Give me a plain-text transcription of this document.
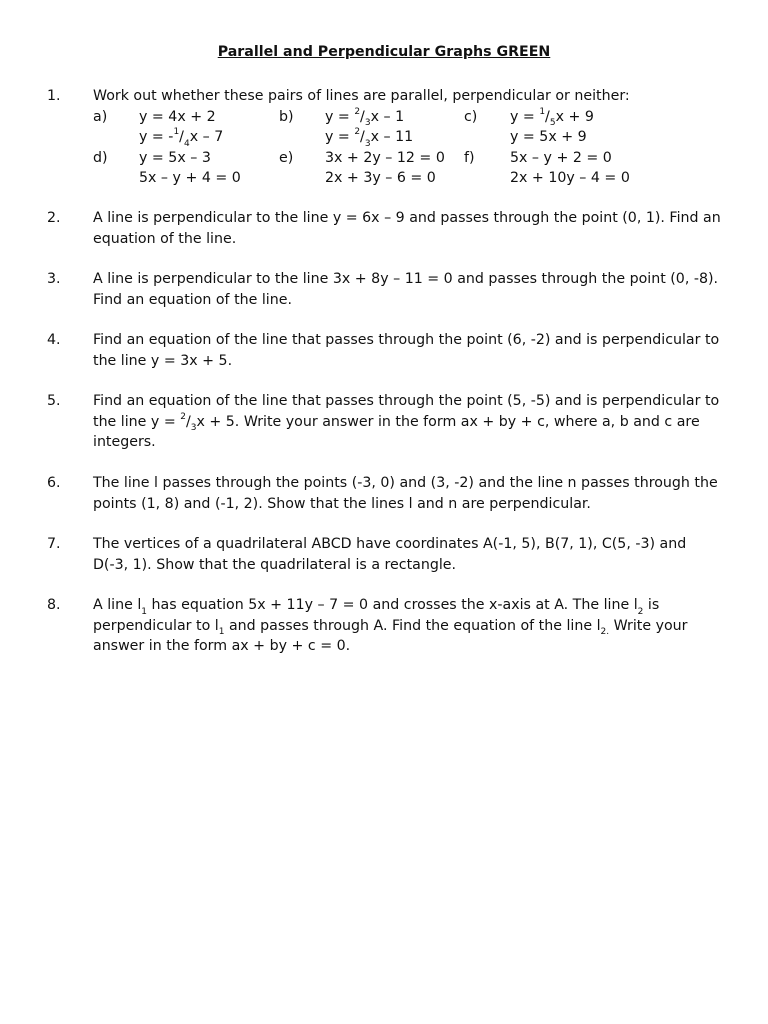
Parallel and Perpendicular Graphs GREEN
1. Work out whether these pairs of lines are parallel, perpendicular or neither:
a) y = 4x + 2
$y = -^1/_4x - 7$
b) $y = ^2/_3x - 1$
$y = ^2/_3x - 11$
c) $y = ^1/_5x + 9$
y = 5x + 9
d) y = 5x – 3
5x – y + 4 = 0
e) 3x + 2y – 12 = 0
2x + 3y – 6 = 0
f) 5x – y + 2 = 0
2x + 10y – 4 = 0
2. A line is perpendicular to the line y = 6x – 9 and passes through the point (0, 1). Find an equation of the line.
3. A line is perpendicular to the line 3x + 8y – 11 = 0 and passes through the point (0, -8). Find an equation of the line.
4. Find an equation of the line that passes through the point (6, -2) and is perpendicular to the line y = 3x + 5.
5. Find an equation of the line that passes through the point (5, -5) and is perpendicular to the line $y = ^2/_3x + 5$. Write your answer in the form ax + by + c, where a, b and c are integers.
6. The line l passes through the points (-3, 0) and (3, -2) and the line n passes through the points (1, 8) and (-1, 2). Show that the lines l and n are perpendicular.
7. The vertices of a quadrilateral ABCD have coordinates A(-1, 5), B(7, 1), C(5, -3) and D(-3, 1). Show that the quadrilateral is a rectangle.
8. A line $l_1$ has equation 5x + 11y – 7 = 0 and crosses the x-axis at A. The line $l_2$ is perpendicular to $l_1$ and passes through A. Find the equation of the line $l_{2.}$ Write your answer in the form ax + by + c = 0.
